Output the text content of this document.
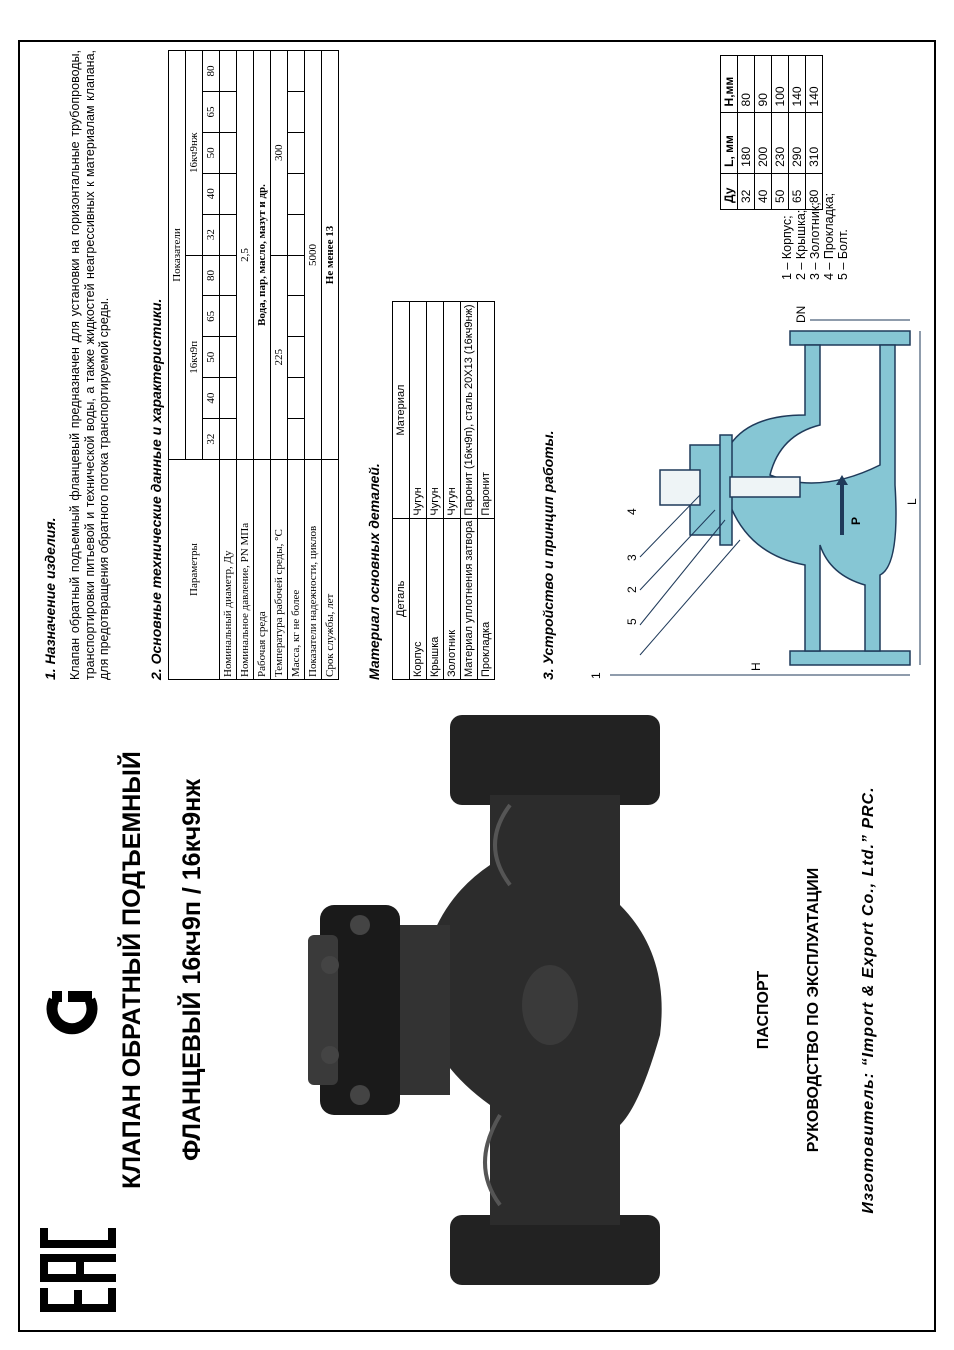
КЛАПАН ОБРАТНЫЙ ПОДЪЕМНЫЙ ФЛАНЦЕВЫЙ 16кч9п / 16кч9нж	ПАСПОРТ РУКОВОДСТВО ПО ЭКСПЛУАТАЦИИ Изготовитель: “Import & Export Co., Ltd.” PRC.
1. Назначение изделия. Клапан обратный подъемный фланцевый предназначен для установки на горизонтальные трубопроводы, транспортировки питьевой и технической воды, а также жидкостей неагрессивных к материалам клапана, для предотвращения обратного потока транспортируемой среды.	2. Основные технические данные и характеристики. Параметры	Показатели									
	16кч9п					16кч9нж				
	32	40	50	65	80	32	40	50	65	80
Номинальный диаметр, Ду										
Номинальное давление, PN МПа	2,5									
Рабочая среда	Вода, пар, масло, мазут и др.									
Температура рабочей среды, °С	225					300				
Масса, кг не более										
Показатели надежности, циклов	5000									
Срок службы, лет	Не менее 13									
Материал основных деталей. Деталь	Материал
Корпус	Чугун
Крышка	Чугун
Золотник	Чугун
Материал уплотнения затвора	Паронит (16кч9п), сталь 20Х13 (16кч9нж)
Прокладка	Паронит	3. Устройство и принцип работы.	1
5
2
3
4
P
L
H
DN
1 – Корпус; 2 – Крышка; 3 – Золотник; 4 – Прокладка; 5 – Болт.
Ду	L, мм	H,мм
32	180	80
40	200	90
50	230	100
65	290	140
80	310	140
